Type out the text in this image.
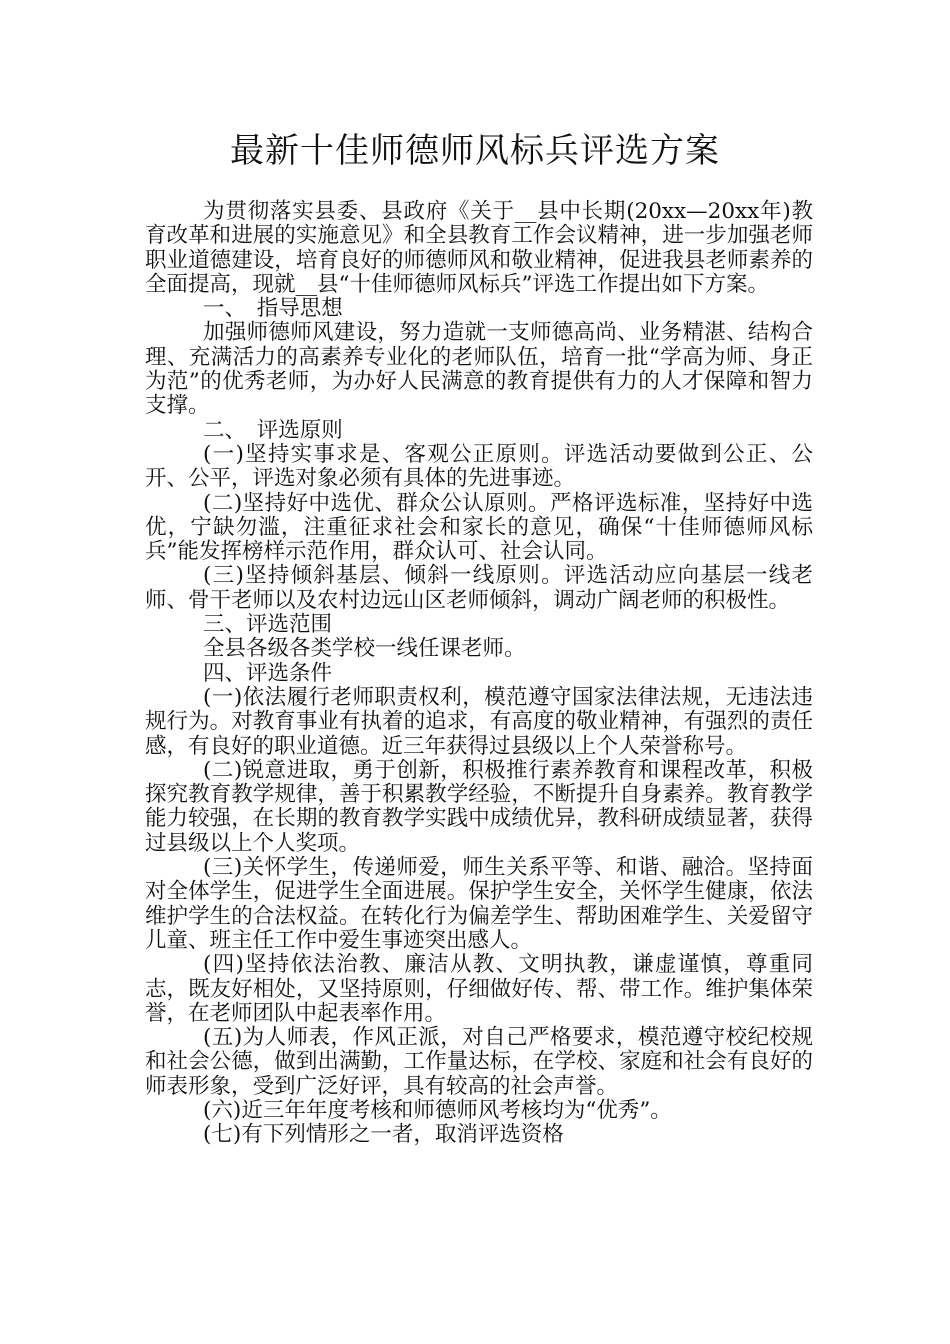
最新十佳师德师风标兵评选方案

为贯彻落实县委、县政府《关于__县中长期(20xx—20xx年)教育改革和进展的实施意见》和全县教育工作会议精神，进一步加强老师职业道德建设，培育良好的师德师风和敬业精神，促进我县老师素养的全面提高，现就__县“十佳师德师风标兵”评选工作提出如下方案。

一、　指导思想

加强师德师风建设，努力造就一支师德高尚、业务精湛、结构合理、充满活力的高素养专业化的老师队伍，培育一批“学高为师、身正为范”的优秀老师，为办好人民满意的教育提供有力的人才保障和智力支撑。

二、　评选原则

(一)坚持实事求是、客观公正原则。评选活动要做到公正、公开、公平，评选对象必须有具体的先进事迹。

(二)坚持好中选优、群众公认原则。严格评选标准，坚持好中选优，宁缺勿滥，注重征求社会和家长的意见，确保“十佳师德师风标兵”能发挥榜样示范作用，群众认可、社会认同。

(三)坚持倾斜基层、倾斜一线原则。评选活动应向基层一线老师、骨干老师以及农村边远山区老师倾斜，调动广阔老师的积极性。

三、评选范围

全县各级各类学校一线任课老师。

四、评选条件

(一)依法履行老师职责权利，模范遵守国家法律法规，无违法违规行为。对教育事业有执着的追求，有高度的敬业精神，有强烈的责任感，有良好的职业道德。近三年获得过县级以上个人荣誉称号。

(二)锐意进取，勇于创新，积极推行素养教育和课程改革，积极探究教育教学规律，善于积累教学经验，不断提升自身素养。教育教学能力较强，在长期的教育教学实践中成绩优异，教科研成绩显著，获得过县级以上个人奖项。

(三)关怀学生，传递师爱，师生关系平等、和谐、融洽。坚持面对全体学生，促进学生全面进展。保护学生安全，关怀学生健康，依法维护学生的合法权益。在转化行为偏差学生、帮助困难学生、关爱留守儿童、班主任工作中爱生事迹突出感人。

(四)坚持依法治教、廉洁从教、文明执教，谦虚谨慎，尊重同志，既友好相处，又坚持原则，仔细做好传、帮、带工作。维护集体荣誉，在老师团队中起表率作用。

(五)为人师表，作风正派，对自己严格要求，模范遵守校纪校规和社会公德，做到出满勤，工作量达标，在学校、家庭和社会有良好的师表形象，受到广泛好评，具有较高的社会声誉。

(六)近三年年度考核和师德师风考核均为“优秀”。

(七)有下列情形之一者，取消评选资格
